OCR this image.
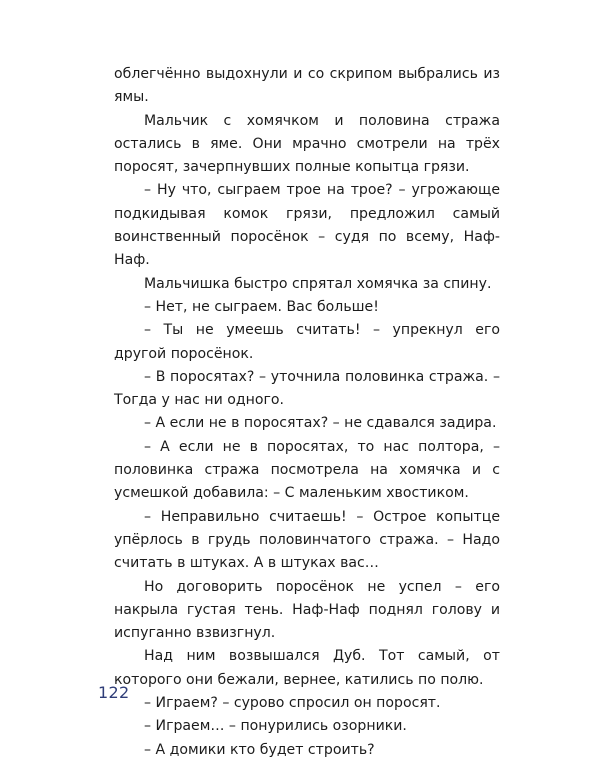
облегчённо выдохнули и со скрипом выбрались из ямы.

Мальчик с хомячком и половина стража остались в яме. Они мрачно смотрели на трёх поросят, зачерпнувших полные копытца грязи.

– Ну что, сыграем трое на трое? – угрожающе подкидывая комок грязи, предложил самый воинственный поросёнок – судя по всему, Наф-Наф.

Мальчишка быстро спрятал хомячка за спину.

– Нет, не сыграем. Вас больше!

– Ты не умеешь считать! – упрекнул его другой поросёнок.

– В поросятах? – уточнила половинка стража. – Тогда у нас ни одного.

– А если не в поросятах? – не сдавался задира.

– А если не в поросятах, то нас полтора, – половинка стража посмотрела на хомячка и с усмешкой добавила: – С маленьким хвостиком.

– Неправильно считаешь! – Острое копытце упёрлось в грудь половинчатого стража. – Надо считать в штуках. А в штуках вас…

Но договорить поросёнок не успел – его накрыла густая тень. Наф-Наф поднял голову и испуганно взвизгнул.

Над ним возвышался Дуб. Тот самый, от которого они бежали, вернее, катились по полю.

– Играем? – сурово спросил он поросят.

– Играем… – понурились озорники.

– А домики кто будет строить?

122
